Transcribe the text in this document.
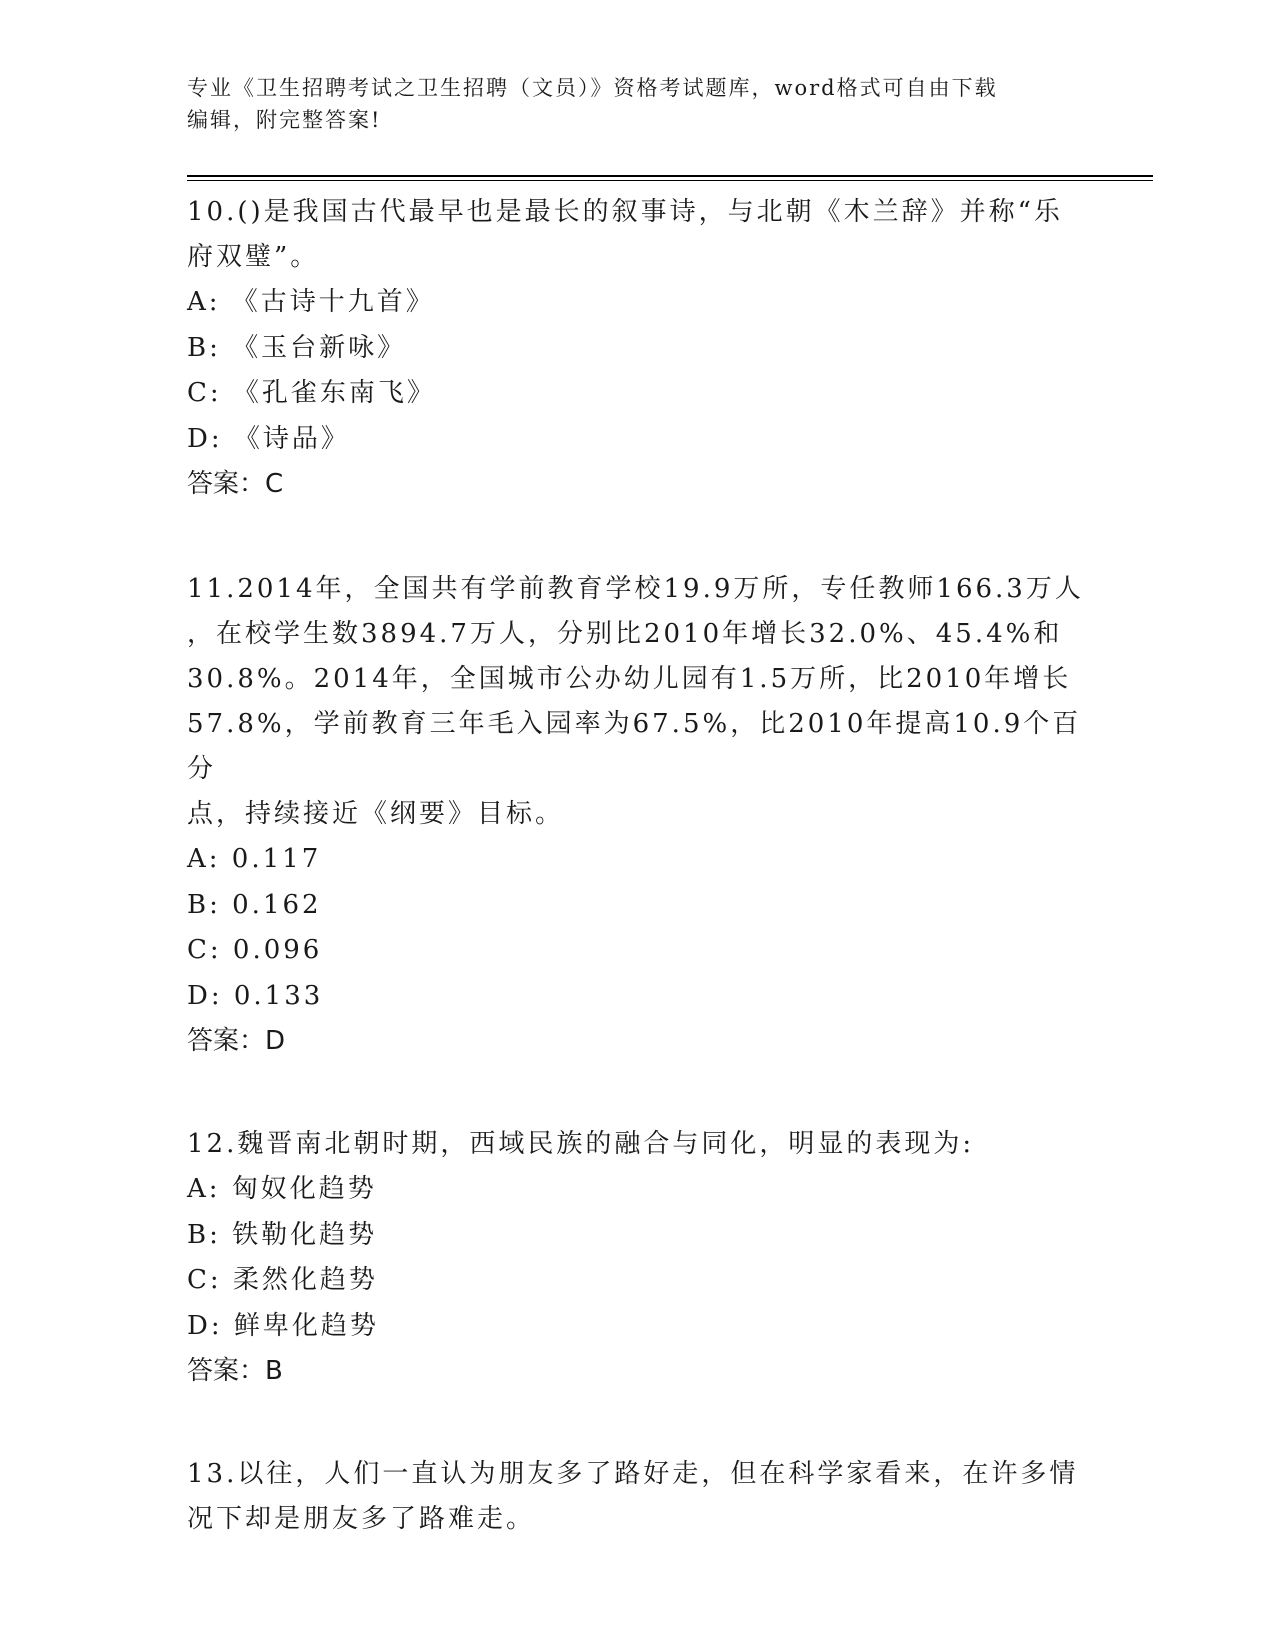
专业《卫生招聘考试之卫生招聘（文员）》资格考试题库，word格式可自由下载
编辑，附完整答案!

10.()是我国古代最早也是最长的叙事诗，与北朝《木兰辞》并称“乐

府双璧”。

A: 《古诗十九首》

B: 《玉台新咏》

C: 《孔雀东南飞》

D: 《诗品》

答案：C

11.2014年，全国共有学前教育学校19.9万所，专任教师166.3万人

，在校学生数3894.7万人，分别比2010年增长32.0%、45.4%和

30.8%。2014年，全国城市公办幼儿园有1.5万所，比2010年增长

57.8%，学前教育三年毛入园率为67.5%，比2010年提高10.9个百分

点，持续接近《纲要》目标。

A: 0.117

B: 0.162

C: 0.096

D: 0.133

答案：D

12.魏晋南北朝时期，西域民族的融合与同化，明显的表现为:

A: 匈奴化趋势

B: 铁勒化趋势

C: 柔然化趋势

D: 鲜卑化趋势

答案：B

13.以往，人们一直认为朋友多了路好走，但在科学家看来，在许多情

况下却是朋友多了路难走。
